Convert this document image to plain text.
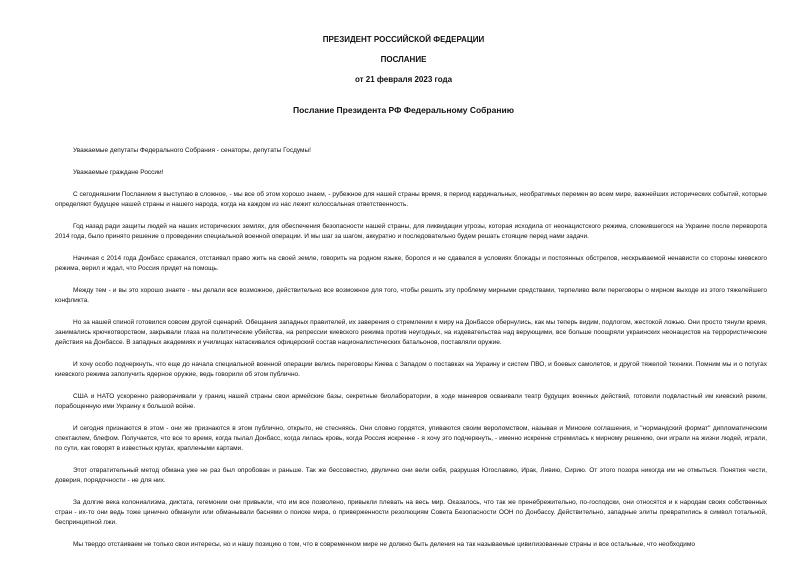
ПРЕЗИДЕНТ РОССИЙСКОЙ ФЕДЕРАЦИИ
ПОСЛАНИЕ
от 21 февраля 2023 года
Послание Президента РФ Федеральному Собранию

Уважаемые депутаты Федерального Собрания - сенаторы, депутаты Госдумы!

Уважаемые граждане России!

С сегодняшним Посланием я выступаю в сложное, - мы все об этом хорошо знаем, - рубежное для нашей страны время, в период кардинальных, необратимых перемен во всем мире, важнейших исторических событий, которые определяют будущее нашей страны и нашего народа, когда на каждом из нас лежит колоссальная ответственность.

Год назад ради защиты людей на наших исторических землях, для обеспечения безопасности нашей страны, для ликвидации угрозы, которая исходила от неонацистского режима, сложившегося на Украине после переворота 2014 года, было принято решение о проведении специальной военной операции. И мы шаг за шагом, аккуратно и последовательно будем решать стоящие перед нами задачи.

Начиная с 2014 года Донбасс сражался, отстаивал право жить на своей земле, говорить на родном языке, боролся и не сдавался в условиях блокады и постоянных обстрелов, нескрываемой ненависти со стороны киевского режима, верил и ждал, что Россия придет на помощь.

Между тем - и вы это хорошо знаете - мы делали все возможное, действительно все возможное для того, чтобы решить эту проблему мирными средствами, терпеливо вели переговоры о мирном выходе из этого тяжелейшего конфликта.

Но за нашей спиной готовился совсем другой сценарий. Обещания западных правителей, их заверения о стремлении к миру на Донбассе обернулись, как мы теперь видим, подлогом, жестокой ложью. Они просто тянули время, занимались крючкотворством, закрывали глаза на политические убийства, на репрессии киевского режима против неугодных, на издевательства над верующими, все больше поощряли украинских неонацистов на террористические действия на Донбассе. В западных академиях и училищах натаскивался офицерский состав националистических батальонов, поставляли оружие.

И хочу особо подчеркнуть, что еще до начала специальной военной операции велись переговоры Киева с Западом о поставках на Украину и систем ПВО, и боевых самолетов, и другой тяжелой техники. Помним мы и о потугах киевского режима заполучить ядерное оружие, ведь говорили об этом публично.

США и НАТО ускоренно разворачивали у границ нашей страны свои армейские базы, секретные биолаборатории, в ходе маневров осваивали театр будущих военных действий, готовили подвластный им киевский режим, порабощенную ими Украину к большой войне.

И сегодня признаются в этом - они же признаются в этом публично, открыто, не стесняясь. Они словно гордятся, упиваются своим вероломством, называя и Минские соглашения, и "нормандский формат" дипломатическим спектаклем, блефом. Получается, что все то время, когда пылал Донбасс, когда лилась кровь, когда Россия искренне - я хочу это подчеркнуть, - именно искренне стремилась к мирному решению, они играли на жизни людей, играли, по сути, как говорят в известных кругах, краплеными картами.

Этот отвратительный метод обмана уже не раз был опробован и раньше. Так же бессовестно, двулично они вели себя, разрушая Югославию, Ирак, Ливию, Сирию. От этого позора никогда им не отмыться. Понятия чести, доверия, порядочности - не для них.

За долгие века колониализма, диктата, гегемонии они привыкли, что им все позволено, привыкли плевать на весь мир. Оказалось, что так же пренебрежительно, по-господски, они относятся и к народам своих собственных стран - их-то они ведь тоже цинично обманули или обманывали баснями о поиске мира, о приверженности резолюциям Совета Безопасности ООН по Донбассу. Действительно, западные элиты превратились в символ тотальной, беспринципной лжи.

Мы твердо отстаиваем не только свои интересы, но и нашу позицию о том, что в современном мире не должно быть деления на так называемые цивилизованные страны и все остальные, что необходимо
